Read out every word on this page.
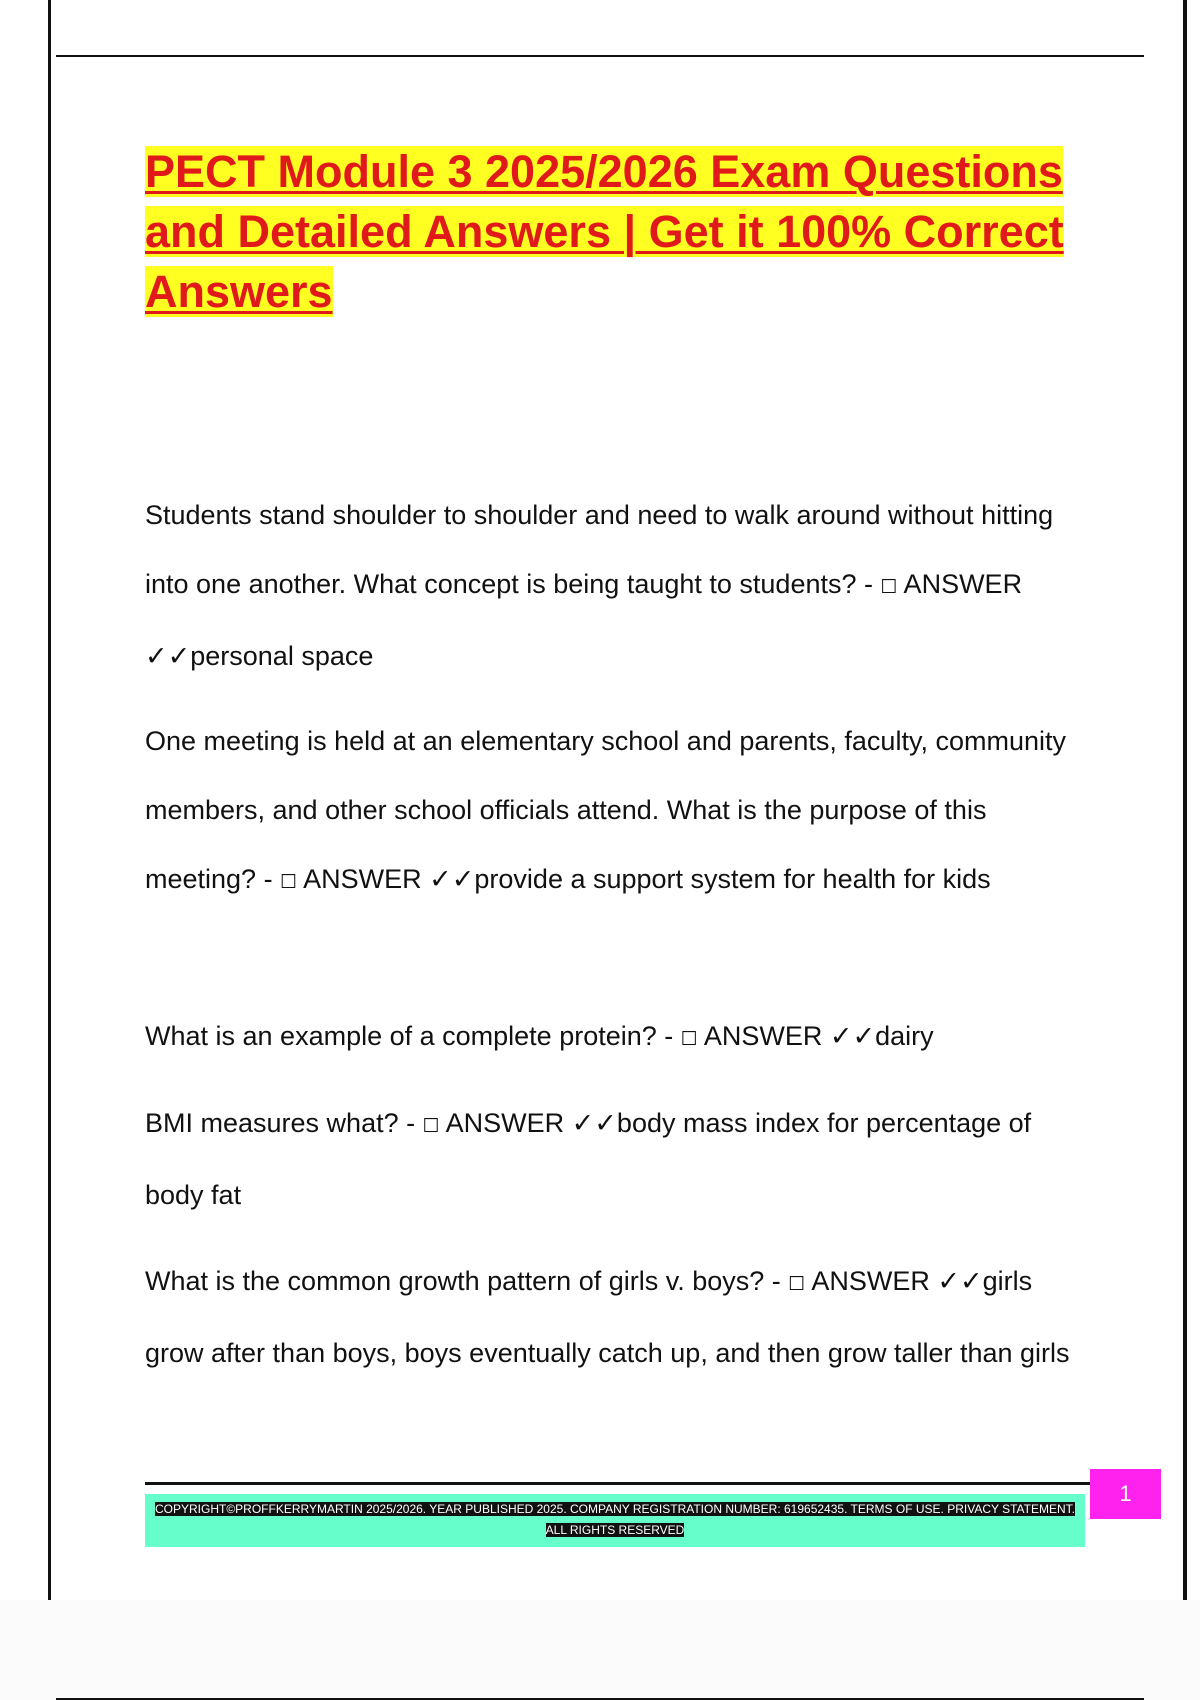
PECT Module 3 2025/2026 Exam Questions and Detailed Answers | Get it 100% Correct Answers

Students stand shoulder to shoulder and need to walk around without hitting into one another. What concept is being taught to students? - ☐ ANSWER ✓✓personal space

One meeting is held at an elementary school and parents, faculty, community members, and other school officials attend. What is the purpose of this meeting? - ☐ ANSWER ✓✓provide a support system for health for kids

What is an example of a complete protein? - ☐ ANSWER ✓✓dairy

BMI measures what? - ☐ ANSWER ✓✓body mass index for percentage of body fat

What is the common growth pattern of girls v. boys? - ☐ ANSWER ✓✓girls grow after than boys, boys eventually catch up, and then grow taller than girls

1
COPYRIGHT©PROFFKERRYMARTIN 2025/2026. YEAR PUBLISHED 2025. COMPANY REGISTRATION NUMBER: 619652435. TERMS OF USE. PRIVACY STATEMENT. ALL RIGHTS RESERVED
